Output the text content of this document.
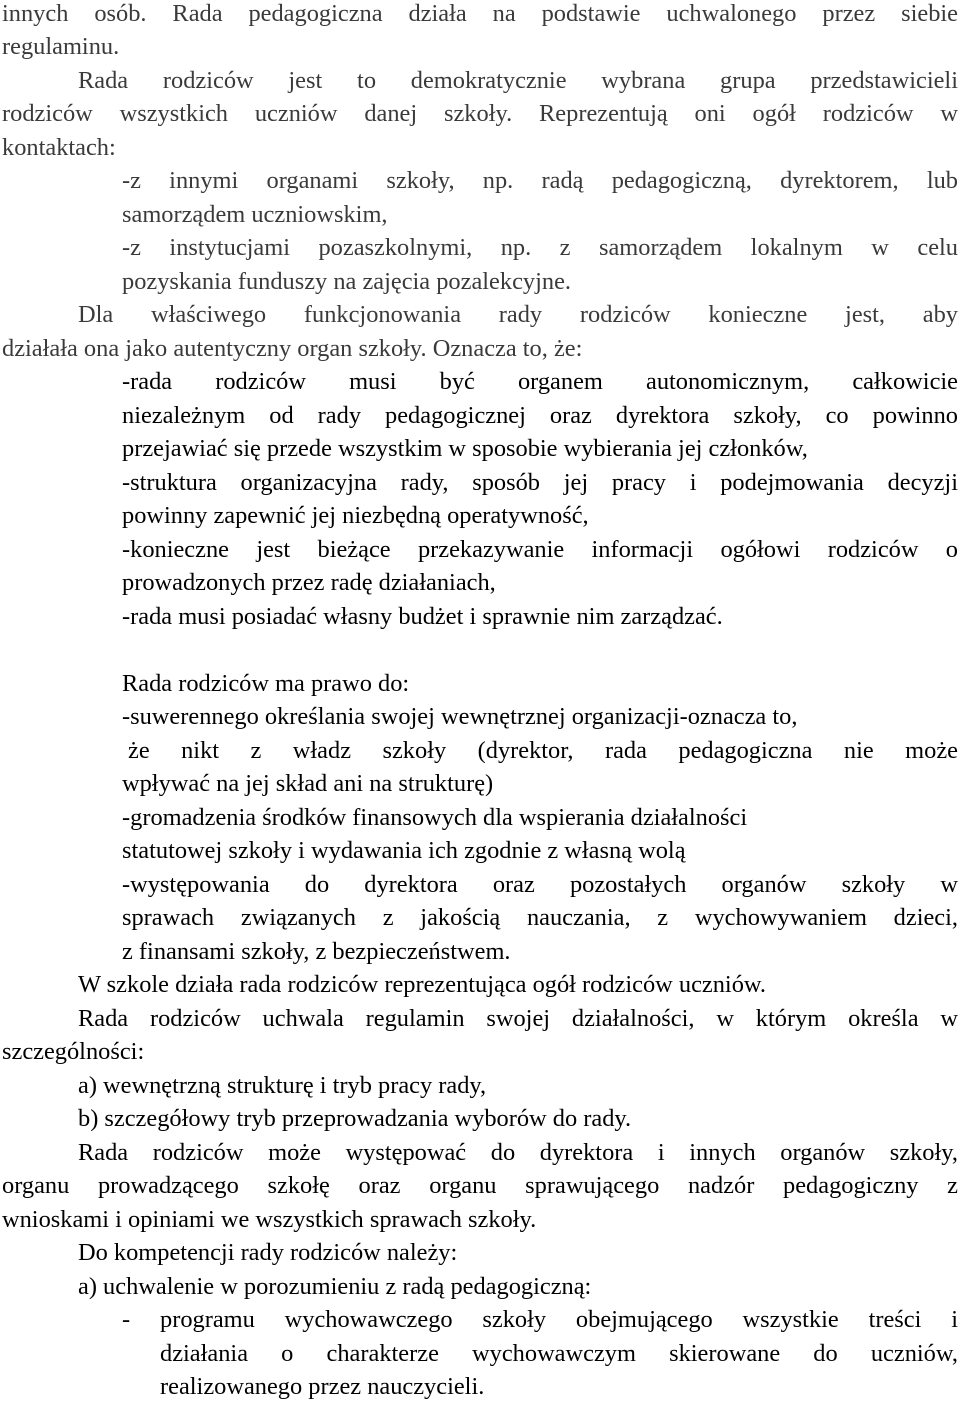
innych osób. Rada pedagogiczna działa na podstawie uchwalonego przez siebie
regulaminu.
Rada rodziców jest to demokratycznie wybrana grupa przedstawicieli
rodziców wszystkich uczniów danej szkoły. Reprezentują oni ogół rodziców w
kontaktach:
-z innymi organami szkoły, np. radą pedagogiczną, dyrektorem, lub
samorządem uczniowskim,
-z instytucjami pozaszkolnymi, np. z samorządem lokalnym w celu
pozyskania funduszy na zajęcia pozalekcyjne.
Dla właściwego funkcjonowania rady rodziców konieczne jest, aby
działała ona jako autentyczny organ szkoły. Oznacza to, że:
-rada rodziców musi być organem autonomicznym, całkowicie
niezależnym od rady pedagogicznej oraz dyrektora szkoły, co powinno
przejawiać się przede wszystkim w sposobie wybierania jej członków,
-struktura organizacyjna rady, sposób jej pracy i podejmowania decyzji
powinny zapewnić jej niezbędną operatywność,
-konieczne jest bieżące przekazywanie informacji ogółowi rodziców o
prowadzonych przez radę działaniach,
-rada musi posiadać własny budżet i sprawnie nim zarządzać.
Rada rodziców ma prawo do:
-suwerennego określania swojej wewnętrznej organizacji-oznacza to,
że nikt z władz szkoły (dyrektor, rada pedagogiczna nie może
wpływać na jej skład ani na strukturę)
-gromadzenia środków finansowych dla wspierania działalności
statutowej szkoły i wydawania ich zgodnie z własną wolą
-występowania do dyrektora oraz pozostałych organów szkoły w
sprawach związanych z jakością nauczania, z wychowywaniem dzieci,
z finansami szkoły, z bezpieczeństwem.
W szkole działa rada rodziców reprezentująca ogół rodziców uczniów.
Rada rodziców uchwala regulamin swojej działalności, w którym określa w
szczególności:
a) wewnętrzną strukturę i tryb pracy rady,
b) szczegółowy tryb przeprowadzania wyborów do rady.
Rada rodziców może występować do dyrektora i innych organów szkoły,
organu prowadzącego szkołę oraz organu sprawującego nadzór pedagogiczny z
wnioskami i opiniami we wszystkich sprawach szkoły.
Do kompetencji rady rodziców należy:
a) uchwalenie w porozumieniu z radą pedagogiczną:
- programu wychowawczego szkoły obejmującego wszystkie treści i
działania o charakterze wychowawczym skierowane do uczniów,
realizowanego przez nauczycieli.
